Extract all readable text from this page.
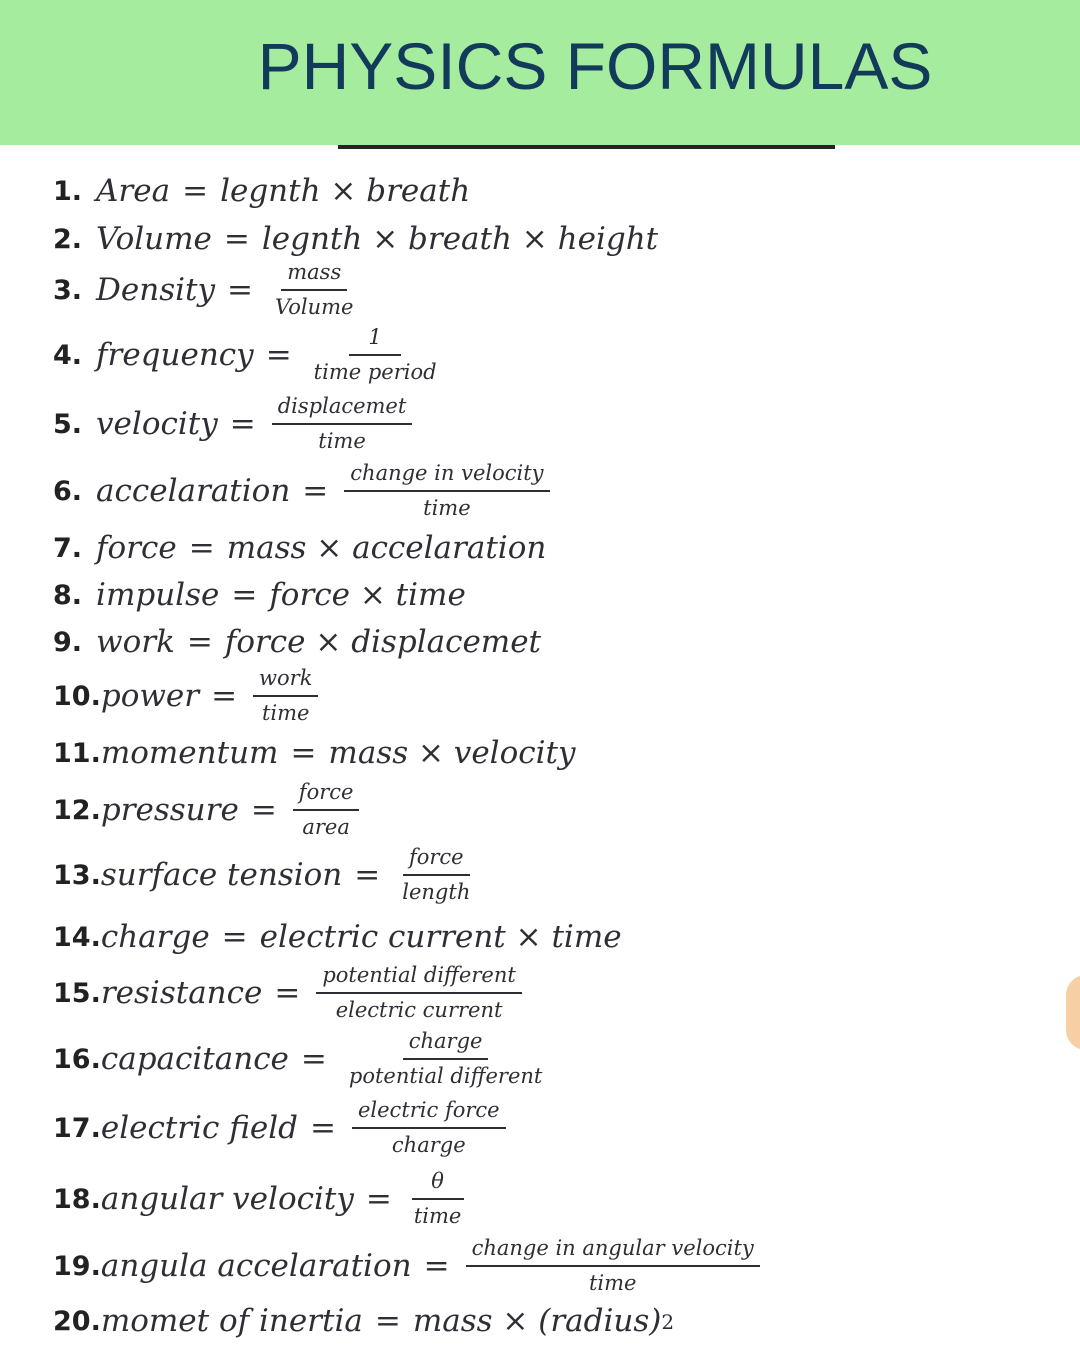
PHYSICS FORMULAS
1. Area = legnth × breath
2. Volume = legnth × breath × height
3. Density = $\frac{\text{mass}}{\text{Volume}}$
4. frequency = $\frac{1}{\text{time period}}$
5. velocity = $\frac{\text{displacemet}}{\text{time}}$
6. accelaration = $\frac{\text{change in velocity}}{\text{time}}$
7. force = mass × accelaration
8. impulse = force × time
9. work = force × displacemet
10. power = $\frac{\text{work}}{\text{time}}$
11. momentum = mass × velocity
12. pressure = $\frac{\text{force}}{\text{area}}$
13. surface tension = $\frac{\text{force}}{\text{length}}$
14. charge = electric current × time
15. resistance = $\frac{\text{potential different}}{\text{electric current}}$
16. capacitance = $\frac{\text{charge}}{\text{potential different}}$
17. electric field = $\frac{\text{electric force}}{\text{charge}}$
18. angular velocity = $\frac{\theta}{\text{time}}$
19. angula accelaration = $\frac{\text{change in angular velocity}}{\text{time}}$
20. momet of inertia = mass × (radius) 2
